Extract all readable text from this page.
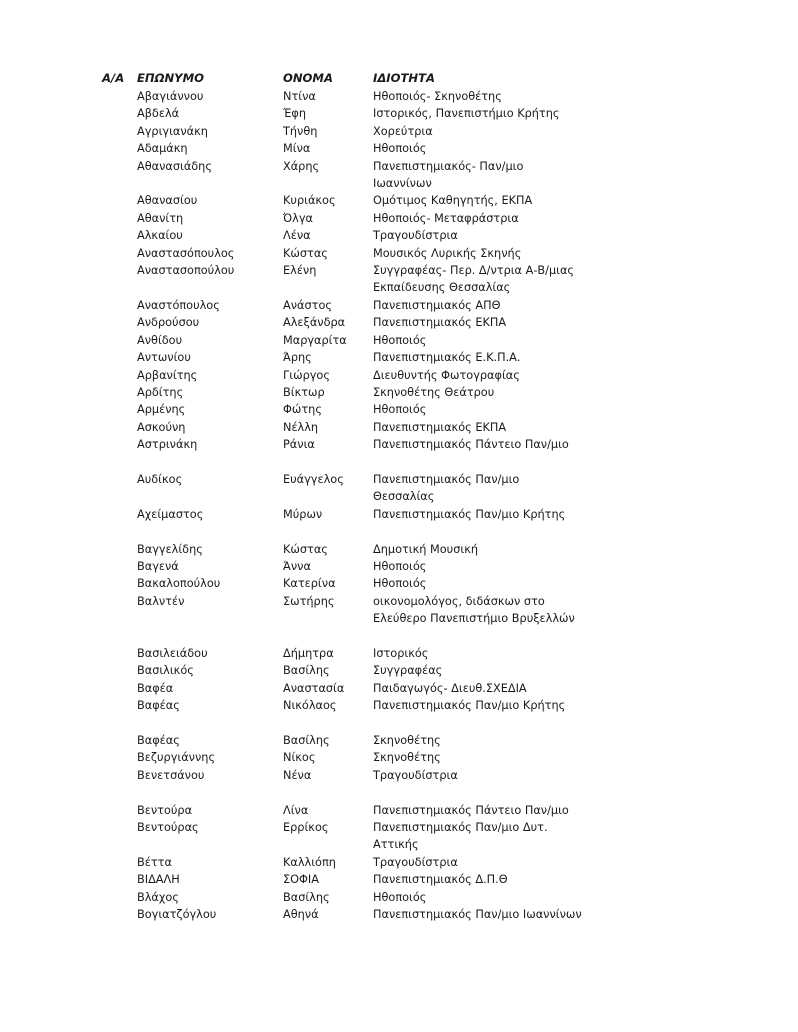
Α/Α	ΕΠΩΝΥΜΟ	ΟΝΟΜΑ	ΙΔΙΟΤΗΤΑ
	Αβαγιάννου	Ντίνα	Ηθοποιός- Σκηνοθέτης
	Αβδελά	Έφη	Ιστορικός, Πανεπιστήμιο Κρήτης
	Αγριγιανάκη	Τήνθη	Χορεύτρια
	Αδαμάκη	Μίνα	Ηθοποιός
	Αθανασιάδης	Χάρης	Πανεπιστημιακός- Παν/μιο Ιωαννίνων
	Αθανασίου	Κυριάκος	Ομότιμος Καθηγητής, ΕΚΠΑ
	Αθανίτη	Όλγα	Ηθοποιός- Μεταφράστρια
	Αλκαίου	Λένα	Τραγουδίστρια
	Αναστασόπουλος	Κώστας	Μουσικός Λυρικής Σκηνής
	Αναστασοπούλου	Ελένη	Συγγραφέας- Περ. Δ/ντρια Α-Β/μιας Εκπαίδευσης Θεσσαλίας
	Αναστόπουλος	Ανάστος	Πανεπιστημιακός ΑΠΘ
	Ανδρούσου	Αλεξάνδρα	Πανεπιστημιακός ΕΚΠΑ
	Ανθίδου	Μαργαρίτα	Ηθοποιός
	Αντωνίου	Άρης	Πανεπιστημιακός Ε.Κ.Π.Α.
	Αρβανίτης	Γιώργος	Διευθυντής Φωτογραφίας
	Αρδίτης	Βίκτωρ	Σκηνοθέτης Θεάτρου
	Αρμένης	Φώτης	Ηθοποιός
	Ασκούνη	Νέλλη	Πανεπιστημιακός ΕΚΠΑ
	Αστρινάκη	Ράνια	Πανεπιστημιακός Πάντειο Παν/μιο

	Αυδίκος	Ευάγγελος	Πανεπιστημιακός Παν/μιο Θεσσαλίας
	Αχείμαστος	Μύρων	Πανεπιστημιακός Παν/μιο Κρήτης

	Βαγγελίδης	Κώστας	Δημοτική Μουσική
	Βαγενά	Άννα	Ηθοποιός
	Βακαλοπούλου	Κατερίνα	Ηθοποιός
	Βαλντέν	Σωτήρης	οικονομολόγος, διδάσκων στο Ελεύθερο Πανεπιστήμιο Βρυξελλών

	Βασιλειάδου	Δήμητρα	Ιστορικός
	Βασιλικός	Βασίλης	Συγγραφέας
	Βαφέα	Αναστασία	Παιδαγωγός- Διευθ.ΣΧΕΔΙΑ
	Βαφέας	Νικόλαος	Πανεπιστημιακός Παν/μιο Κρήτης

	Βαφέας	Βασίλης	Σκηνοθέτης
	Βεζυργιάννης	Νίκος	Σκηνοθέτης
	Βενετσάνου	Νένα	Τραγουδίστρια

	Βεντούρα	Λίνα	Πανεπιστημιακός Πάντειο Παν/μιο
	Βεντούρας	Ερρίκος	Πανεπιστημιακός Παν/μιο Δυτ. Αττικής
	Βέττα	Καλλιόπη	Τραγουδίστρια
	ΒΙΔΑΛΗ	ΣΟΦΙΑ	Πανεπιστημιακός Δ.Π.Θ
	Βλάχος	Βασίλης	Ηθοποιός
	Βογιατζόγλου	Αθηνά	Πανεπιστημιακός Παν/μιο Ιωαννίνων
